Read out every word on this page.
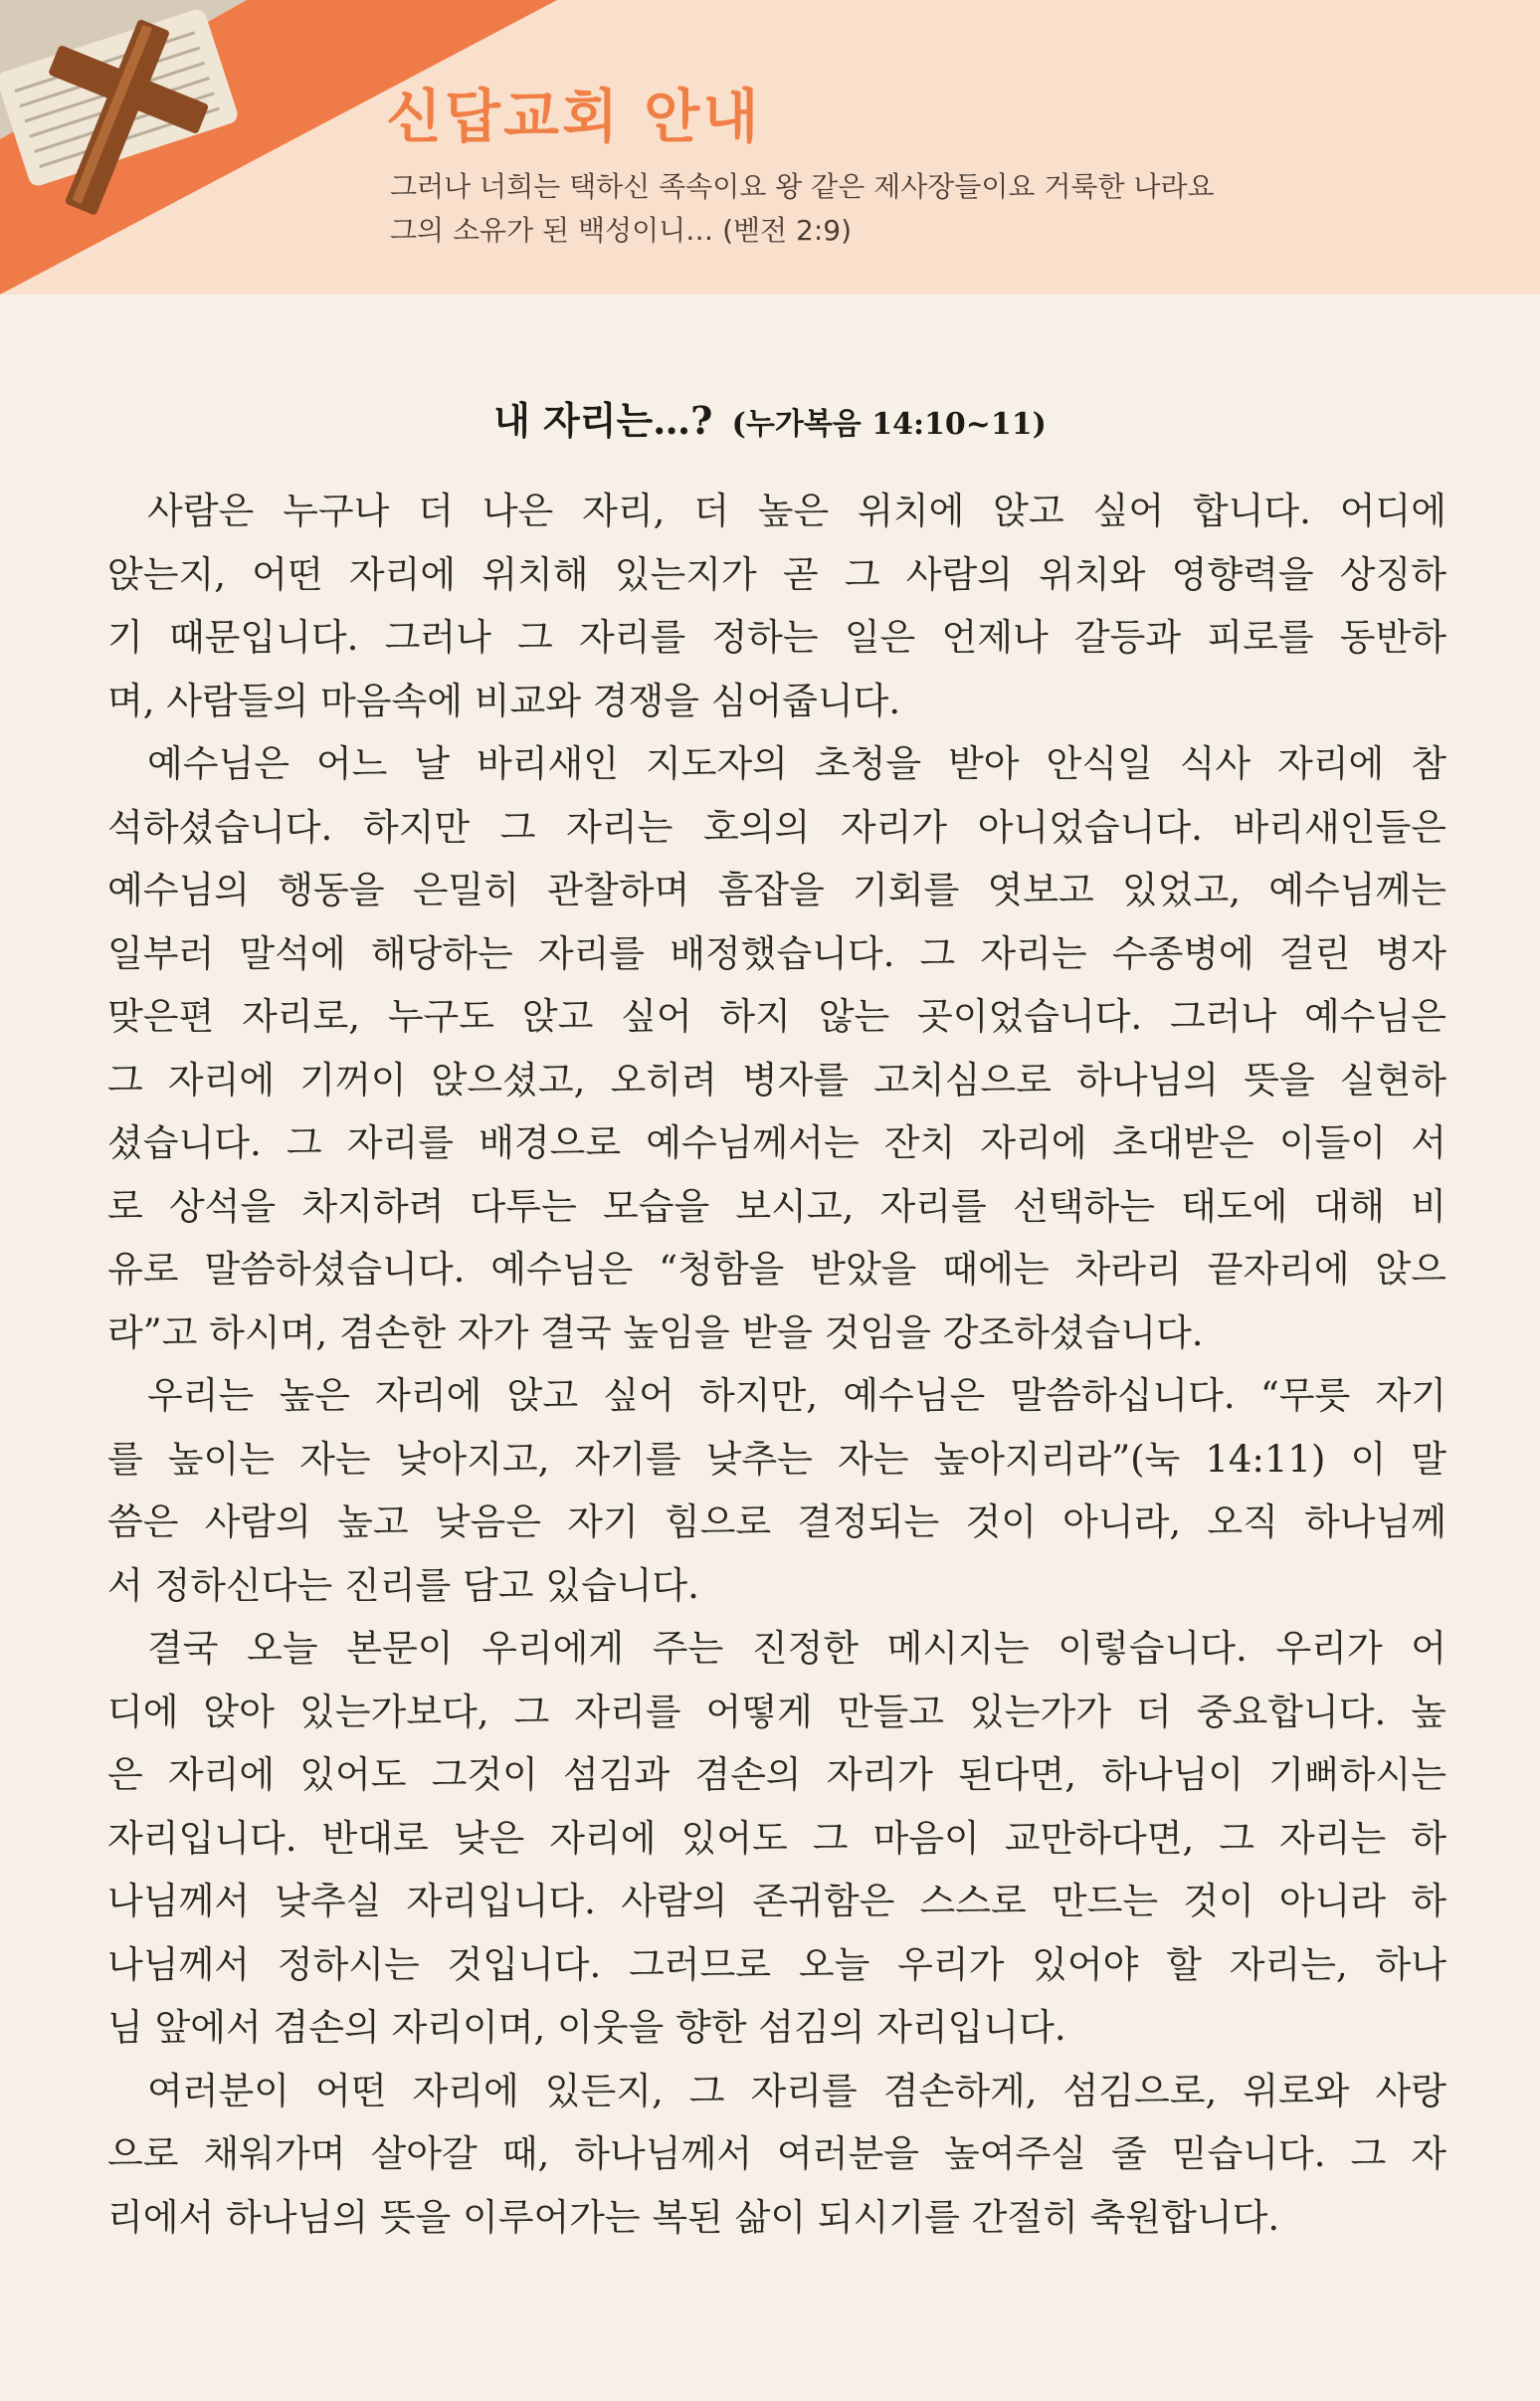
신답교회 안내
그러나 너희는 택하신 족속이요 왕 같은 제사장들이요 거룩한 나라요
그의 소유가 된 백성이니… (벧전 2:9)
내 자리는…? (누가복음 14:10~11)
사람은 누구나 더 나은 자리, 더 높은 위치에 앉고 싶어 합니다. 어디에
앉는지, 어떤 자리에 위치해 있는지가 곧 그 사람의 위치와 영향력을 상징하
기 때문입니다. 그러나 그 자리를 정하는 일은 언제나 갈등과 피로를 동반하
며, 사람들의 마음속에 비교와 경쟁을 심어줍니다.
예수님은 어느 날 바리새인 지도자의 초청을 받아 안식일 식사 자리에 참
석하셨습니다. 하지만 그 자리는 호의의 자리가 아니었습니다. 바리새인들은
예수님의 행동을 은밀히 관찰하며 흠잡을 기회를 엿보고 있었고, 예수님께는
일부러 말석에 해당하는 자리를 배정했습니다. 그 자리는 수종병에 걸린 병자
맞은편 자리로, 누구도 앉고 싶어 하지 않는 곳이었습니다. 그러나 예수님은
그 자리에 기꺼이 앉으셨고, 오히려 병자를 고치심으로 하나님의 뜻을 실현하
셨습니다. 그 자리를 배경으로 예수님께서는 잔치 자리에 초대받은 이들이 서
로 상석을 차지하려 다투는 모습을 보시고, 자리를 선택하는 태도에 대해 비
유로 말씀하셨습니다. 예수님은 “청함을 받았을 때에는 차라리 끝자리에 앉으
라”고 하시며, 겸손한 자가 결국 높임을 받을 것임을 강조하셨습니다.
우리는 높은 자리에 앉고 싶어 하지만, 예수님은 말씀하십니다. “무릇 자기
를 높이는 자는 낮아지고, 자기를 낮추는 자는 높아지리라”(눅 14:11) 이 말
씀은 사람의 높고 낮음은 자기 힘으로 결정되는 것이 아니라, 오직 하나님께
서 정하신다는 진리를 담고 있습니다.
결국 오늘 본문이 우리에게 주는 진정한 메시지는 이렇습니다. 우리가 어
디에 앉아 있는가보다, 그 자리를 어떻게 만들고 있는가가 더 중요합니다. 높
은 자리에 있어도 그것이 섬김과 겸손의 자리가 된다면, 하나님이 기뻐하시는
자리입니다. 반대로 낮은 자리에 있어도 그 마음이 교만하다면, 그 자리는 하
나님께서 낮추실 자리입니다. 사람의 존귀함은 스스로 만드는 것이 아니라 하
나님께서 정하시는 것입니다. 그러므로 오늘 우리가 있어야 할 자리는, 하나
님 앞에서 겸손의 자리이며, 이웃을 향한 섬김의 자리입니다.
여러분이 어떤 자리에 있든지, 그 자리를 겸손하게, 섬김으로, 위로와 사랑
으로 채워가며 살아갈 때, 하나님께서 여러분을 높여주실 줄 믿습니다. 그 자
리에서 하나님의 뜻을 이루어가는 복된 삶이 되시기를 간절히 축원합니다.
